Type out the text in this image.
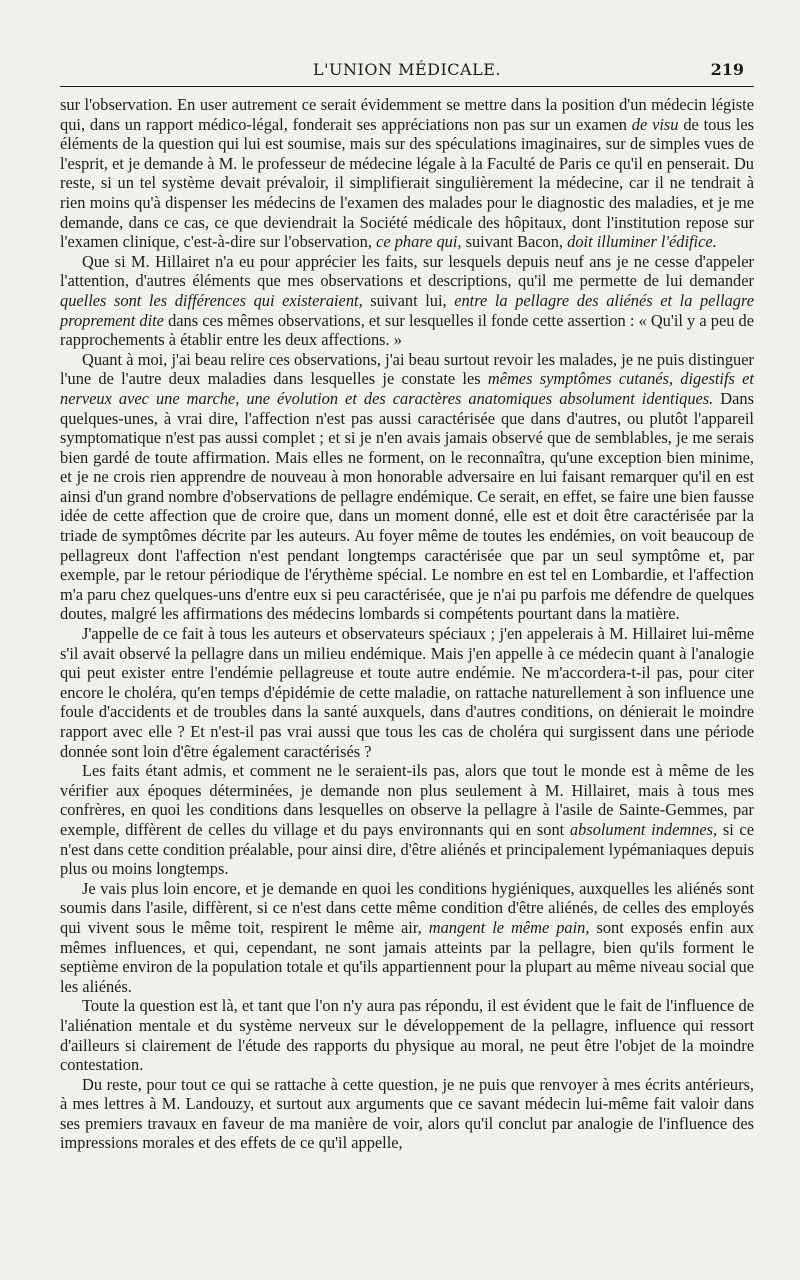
L'UNION MÉDICALE.	219

sur l'observation. En user autrement ce serait évidemment se mettre dans la position d'un médecin légiste qui, dans un rapport médico-légal, fonderait ses appréciations non pas sur un examen de visu de tous les éléments de la question qui lui est soumise, mais sur des spéculations imaginaires, sur de simples vues de l'esprit, et je demande à M. le professeur de médecine légale à la Faculté de Paris ce qu'il en penserait. Du reste, si un tel système devait prévaloir, il simplifierait singulièrement la médecine, car il ne tendrait à rien moins qu'à dispenser les médecins de l'examen des malades pour le diagnostic des maladies, et je me demande, dans ce cas, ce que deviendrait la Société médicale des hôpitaux, dont l'institution repose sur l'examen clinique, c'est-à-dire sur l'observation, ce phare qui, suivant Bacon, doit illuminer l'édifice.

Que si M. Hillairet n'a eu pour apprécier les faits, sur lesquels depuis neuf ans je ne cesse d'appeler l'attention, d'autres éléments que mes observations et descriptions, qu'il me permette de lui demander quelles sont les différences qui existeraient, suivant lui, entre la pellagre des aliénés et la pellagre proprement dite dans ces mêmes observations, et sur lesquelles il fonde cette assertion : « Qu'il y a peu de rapprochements à établir entre les deux affections. »

Quant à moi, j'ai beau relire ces observations, j'ai beau surtout revoir les malades, je ne puis distinguer l'une de l'autre deux maladies dans lesquelles je constate les mêmes symptômes cutanés, digestifs et nerveux avec une marche, une évolution et des caractères anatomiques absolument identiques. Dans quelques-unes, à vrai dire, l'affection n'est pas aussi caractérisée que dans d'autres, ou plutôt l'appareil symptomatique n'est pas aussi complet ; et si je n'en avais jamais observé que de semblables, je me serais bien gardé de toute affirmation. Mais elles ne forment, on le reconnaîtra, qu'une exception bien minime, et je ne crois rien apprendre de nouveau à mon honorable adversaire en lui faisant remarquer qu'il en est ainsi d'un grand nombre d'observations de pellagre endémique. Ce serait, en effet, se faire une bien fausse idée de cette affection que de croire que, dans un moment donné, elle est et doit être caractérisée par la triade de symptômes décrite par les auteurs. Au foyer même de toutes les endémies, on voit beaucoup de pellagreux dont l'affection n'est pendant longtemps caractérisée que par un seul symptôme et, par exemple, par le retour périodique de l'érythème spécial. Le nombre en est tel en Lombardie, et l'affection m'a paru chez quelques-uns d'entre eux si peu caractérisée, que je n'ai pu parfois me défendre de quelques doutes, malgré les affirmations des médecins lombards si compétents pourtant dans la matière.

J'appelle de ce fait à tous les auteurs et observateurs spéciaux ; j'en appelerais à M. Hillairet lui-même s'il avait observé la pellagre dans un milieu endémique. Mais j'en appelle à ce médecin quant à l'analogie qui peut exister entre l'endémie pellagreuse et toute autre endémie. Ne m'accordera-t-il pas, pour citer encore le choléra, qu'en temps d'épidémie de cette maladie, on rattache naturellement à son influence une foule d'accidents et de troubles dans la santé auxquels, dans d'autres conditions, on dénierait le moindre rapport avec elle ? Et n'est-il pas vrai aussi que tous les cas de choléra qui surgissent dans une période donnée sont loin d'être également caractérisés ?

Les faits étant admis, et comment ne le seraient-ils pas, alors que tout le monde est à même de les vérifier aux époques déterminées, je demande non plus seulement à M. Hillairet, mais à tous mes confrères, en quoi les conditions dans lesquelles on observe la pellagre à l'asile de Sainte-Gemmes, par exemple, diffèrent de celles du village et du pays environnants qui en sont absolument indemnes, si ce n'est dans cette condition préalable, pour ainsi dire, d'être aliénés et principalement lypémaniaques depuis plus ou moins longtemps.

Je vais plus loin encore, et je demande en quoi les conditions hygiéniques, auxquelles les aliénés sont soumis dans l'asile, diffèrent, si ce n'est dans cette même condition d'être aliénés, de celles des employés qui vivent sous le même toit, respirent le même air, mangent le même pain, sont exposés enfin aux mêmes influences, et qui, cependant, ne sont jamais atteints par la pellagre, bien qu'ils forment le septième environ de la population totale et qu'ils appartiennent pour la plupart au même niveau social que les aliénés.

Toute la question est là, et tant que l'on n'y aura pas répondu, il est évident que le fait de l'influence de l'aliénation mentale et du système nerveux sur le développement de la pellagre, influence qui ressort d'ailleurs si clairement de l'étude des rapports du physique au moral, ne peut être l'objet de la moindre contestation.

Du reste, pour tout ce qui se rattache à cette question, je ne puis que renvoyer à mes écrits antérieurs, à mes lettres à M. Landouzy, et surtout aux arguments que ce savant médecin lui-même fait valoir dans ses premiers travaux en faveur de ma manière de voir, alors qu'il conclut par analogie de l'influence des impressions morales et des effets de ce qu'il appelle,
